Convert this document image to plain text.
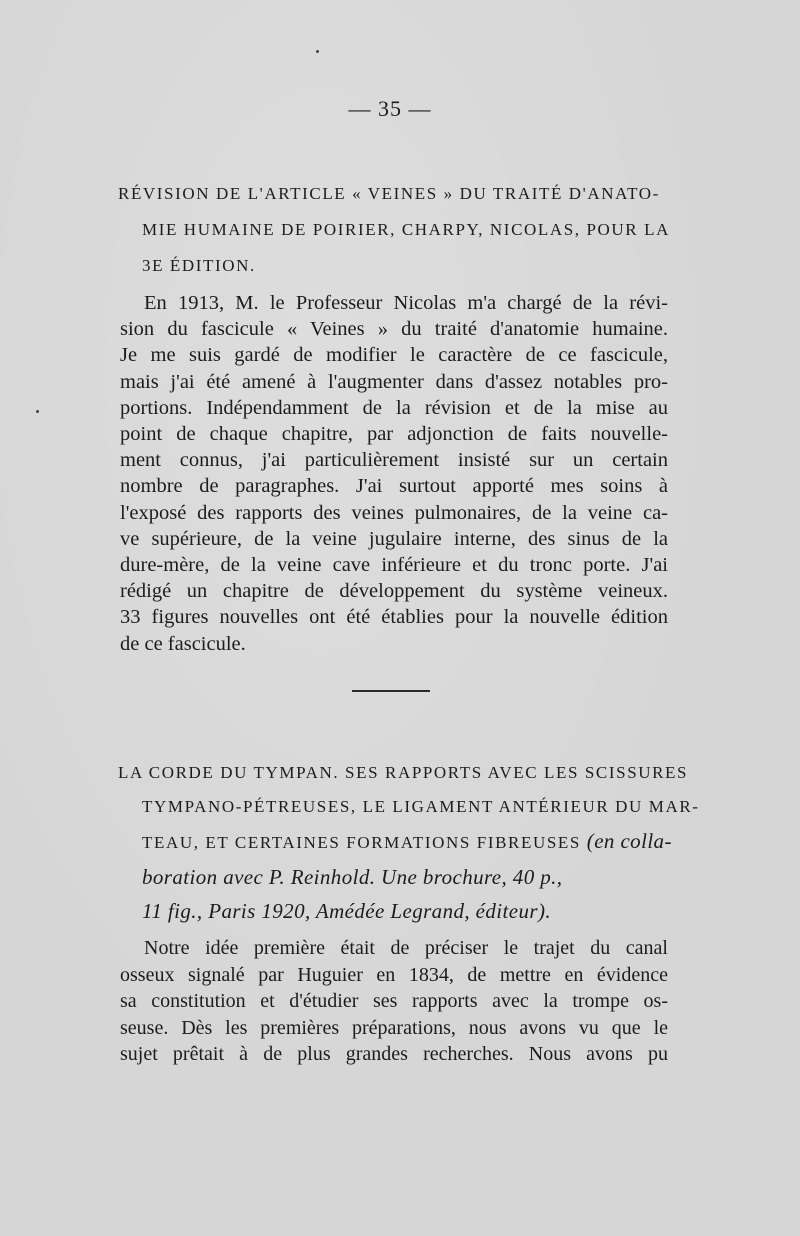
— 35 —
RÉVISION DE L'ARTICLE « VEINES » DU TRAITÉ D'ANATO-
MIE HUMAINE DE POIRIER, CHARPY, NICOLAS, POUR LA
3E ÉDITION.
En 1913, M. le Professeur Nicolas m'a chargé de la révi-
sion du fascicule « Veines » du traité d'anatomie humaine.
Je me suis gardé de modifier le caractère de ce fascicule,
mais j'ai été amené à l'augmenter dans d'assez notables pro-
portions. Indépendamment de la révision et de la mise au
point de chaque chapitre, par adjonction de faits nouvelle-
ment connus, j'ai particulièrement insisté sur un certain
nombre de paragraphes. J'ai surtout apporté mes soins à
l'exposé des rapports des veines pulmonaires, de la veine ca-
ve supérieure, de la veine jugulaire interne, des sinus de la
dure-mère, de la veine cave inférieure et du tronc porte. J'ai
rédigé un chapitre de développement du système veineux.
33 figures nouvelles ont été établies pour la nouvelle édition
de ce fascicule.
LA CORDE DU TYMPAN. SES RAPPORTS AVEC LES SCISSURES
TYMPANO-PÉTREUSES, LE LIGAMENT ANTÉRIEUR DU MAR-
TEAU, ET CERTAINES FORMATIONS FIBREUSES (en colla-
boration avec P. Reinhold. Une brochure, 40 p.,
11 fig., Paris 1920, Amédée Legrand, éditeur).
Notre idée première était de préciser le trajet du canal
osseux signalé par Huguier en 1834, de mettre en évidence
sa constitution et d'étudier ses rapports avec la trompe os-
seuse. Dès les premières préparations, nous avons vu que le
sujet prêtait à de plus grandes recherches. Nous avons pu
